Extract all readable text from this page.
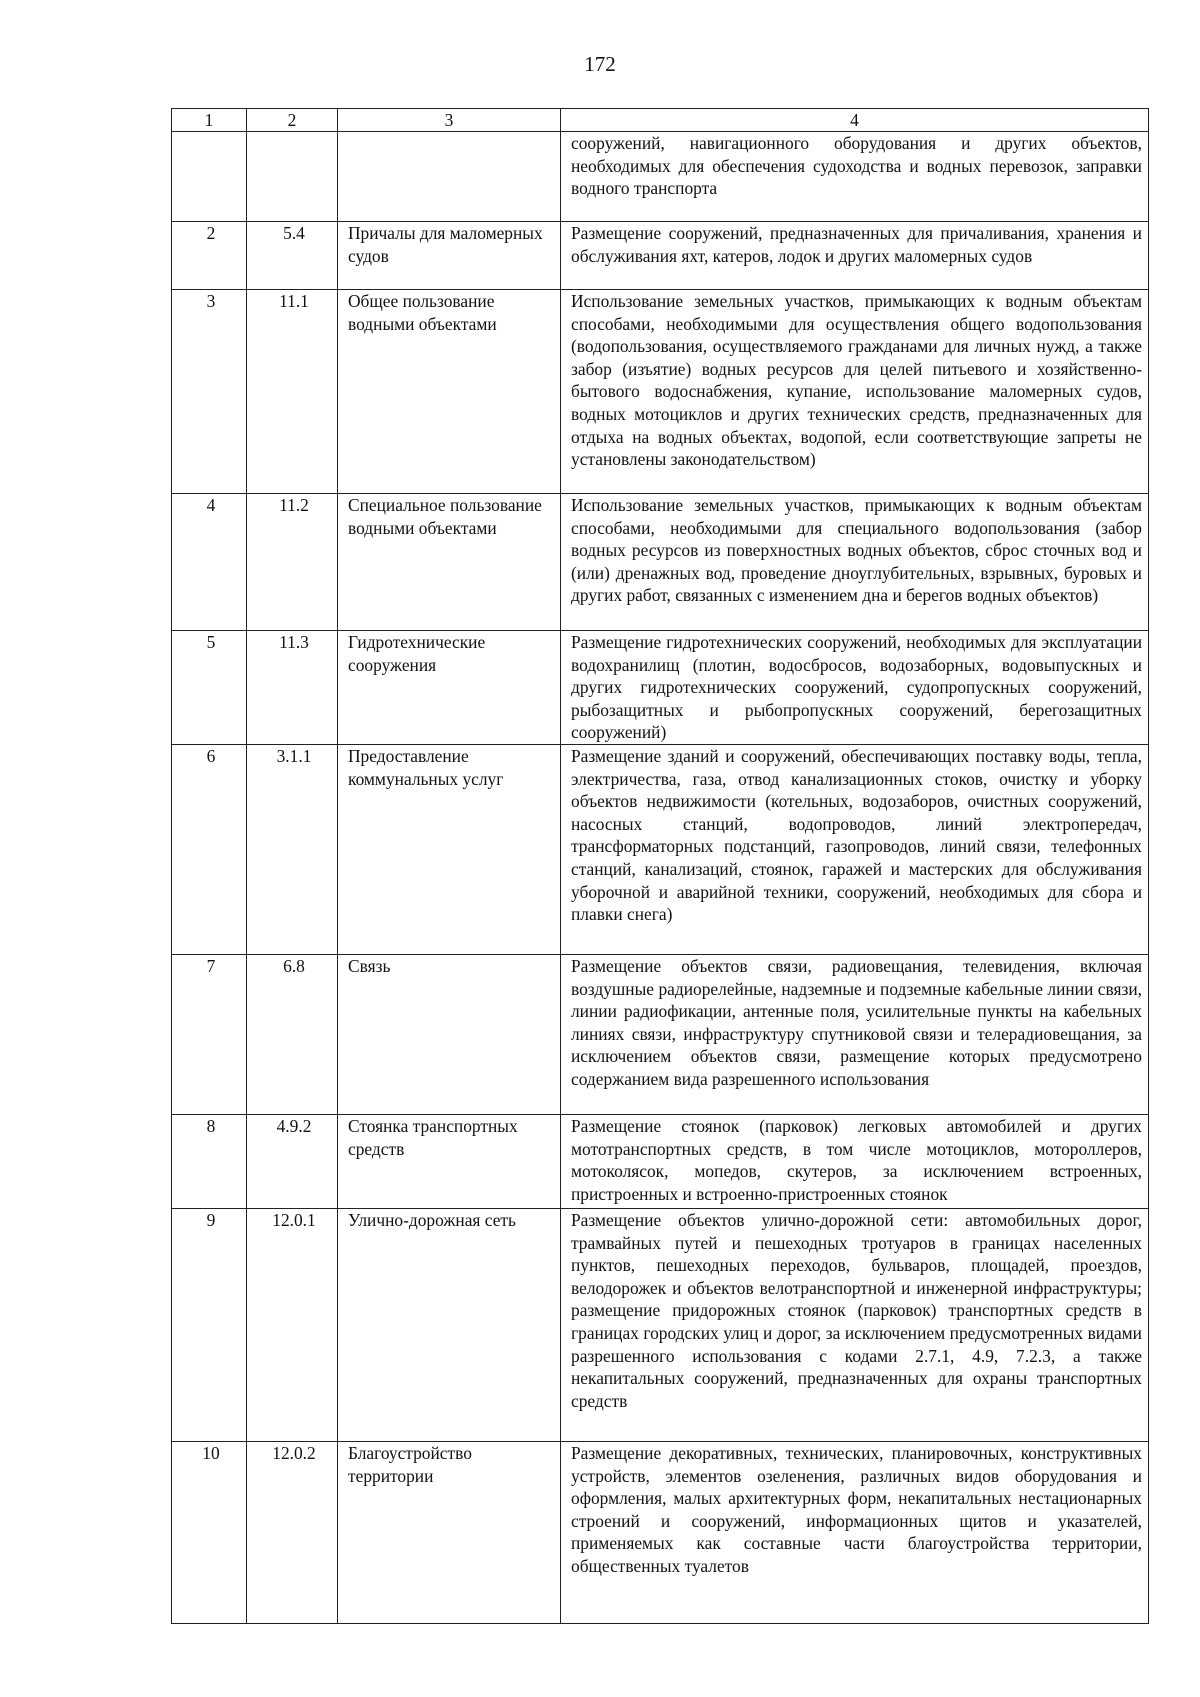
172
1	2	3	4
			сооружений, навигационного оборудования и других объектов, необходимых для обеспечения судоходства и водных перевозок, заправки водного транспорта
2	5.4	Причалы для маломерных судов	Размещение сооружений, предназначенных для причаливания, хранения и обслуживания яхт, катеров, лодок и других маломерных судов
3	11.1	Общее пользование водными объектами	Использование земельных участков, примыкающих к водным объектам способами, необходимыми для осуществления общего водопользования (водопользования, осуществляемого гражданами для личных нужд, а также забор (изъятие) водных ресурсов для целей питьевого и хозяйственно-бытового водоснабжения, купание, использование маломерных судов, водных мотоциклов и других технических средств, предназначенных для отдыха на водных объектах, водопой, если соответствующие запреты не установлены законодательством)
4	11.2	Специальное пользование водными объектами	Использование земельных участков, примыкающих к водным объектам способами, необходимыми для специального водопользования (забор водных ресурсов из поверхностных водных объектов, сброс сточных вод и (или) дренажных вод, проведение дноуглубительных, взрывных, буровых и других работ, связанных с изменением дна и берегов водных объектов)
5	11.3	Гидротехнические сооружения	Размещение гидротехнических сооружений, необходимых для эксплуатации водохранилищ (плотин, водосбросов, водозаборных, водовыпускных и других гидротехнических сооружений, судопропускных сооружений, рыбозащитных и рыбопропускных сооружений, берегозащитных сооружений)
6	3.1.1	Предоставление коммунальных услуг	Размещение зданий и сооружений, обеспечивающих поставку воды, тепла, электричества, газа, отвод канализационных стоков, очистку и уборку объектов недвижимости (котельных, водозаборов, очистных сооружений, насосных станций, водопроводов, линий электропередач, трансформаторных подстанций, газопроводов, линий связи, телефонных станций, канализаций, стоянок, гаражей и мастерских для обслуживания уборочной и аварийной техники, сооружений, необходимых для сбора и плавки снега)
7	6.8	Связь	Размещение объектов связи, радиовещания, телевидения, включая воздушные радиорелейные, надземные и подземные кабельные линии связи, линии радиофикации, антенные поля, усилительные пункты на кабельных линиях связи, инфраструктуру спутниковой связи и телерадиовещания, за исключением объектов связи, размещение которых предусмотрено содержанием вида разрешенного использования
8	4.9.2	Стоянка транспортных средств	Размещение стоянок (парковок) легковых автомобилей и других мототранспортных средств, в том числе мотоциклов, мотороллеров, мотоколясок, мопедов, скутеров, за исключением встроенных, пристроенных и встроенно-пристроенных стоянок
9	12.0.1	Улично-дорожная сеть	Размещение объектов улично-дорожной сети: автомобильных дорог, трамвайных путей и пешеходных тротуаров в границах населенных пунктов, пешеходных переходов, бульваров, площадей, проездов, велодорожек и объектов велотранспортной и инженерной инфраструктуры; размещение придорожных стоянок (парковок) транспортных средств в границах городских улиц и дорог, за исключением предусмотренных видами разрешенного использования с кодами 2.7.1, 4.9, 7.2.3, а также некапитальных сооружений, предназначенных для охраны транспортных средств
10	12.0.2	Благоустройство территории	Размещение декоративных, технических, планировочных, конструктивных устройств, элементов озеленения, различных видов оборудования и оформления, малых архитектурных форм, некапитальных нестационарных строений и сооружений, информационных щитов и указателей, применяемых как составные части благоустройства территории, общественных туалетов
